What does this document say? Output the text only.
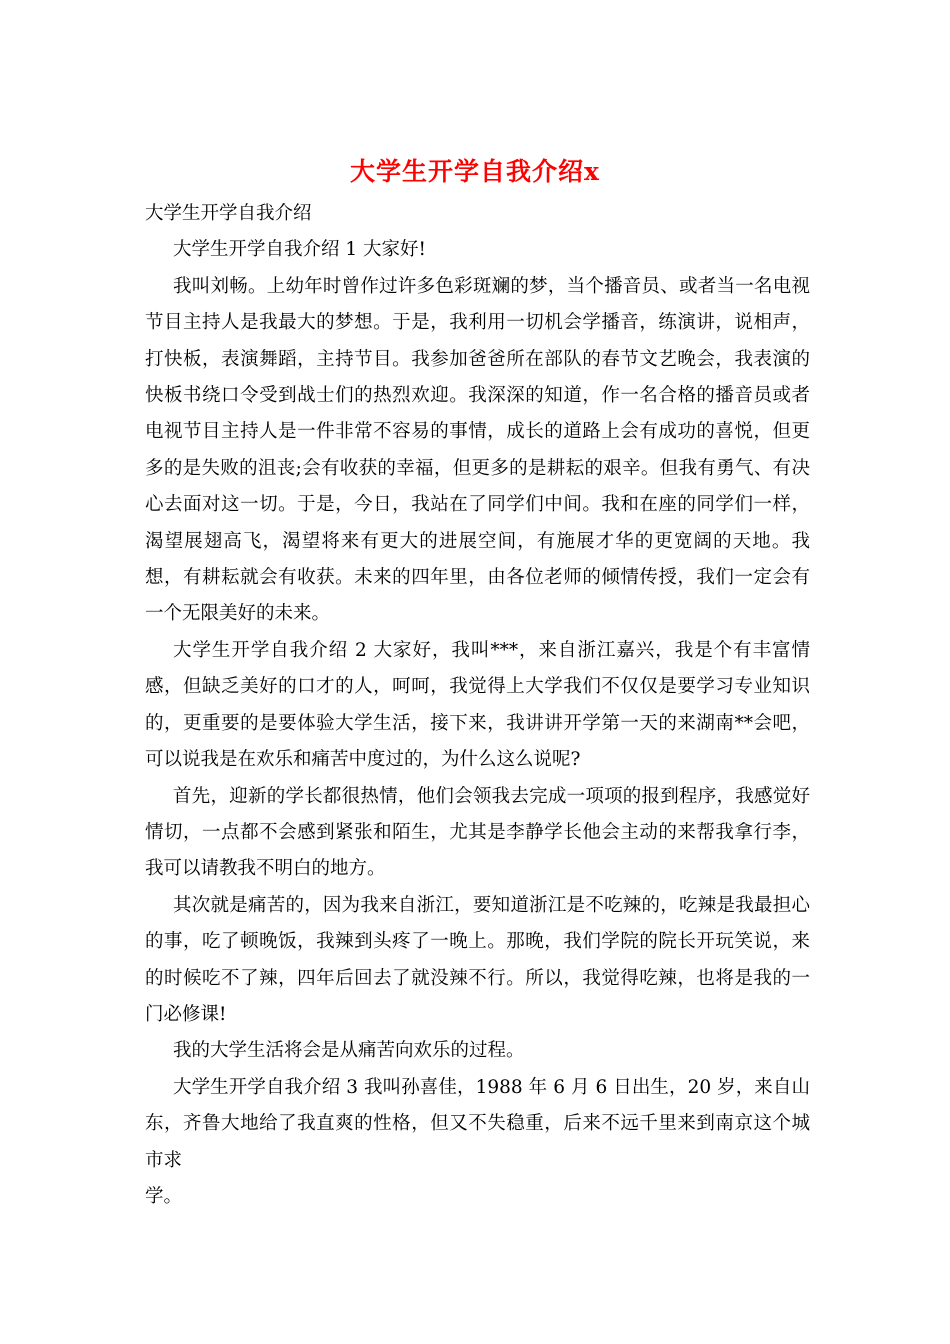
大学生开学自我介绍x

大学生开学自我介绍

大学生开学自我介绍 1 大家好!

我叫刘畅。上幼年时曾作过许多色彩斑斓的梦，当个播音员、或者当一名电视节目主持人是我最大的梦想。于是，我利用一切机会学播音，练演讲，说相声，打快板，表演舞蹈，主持节目。我参加爸爸所在部队的春节文艺晚会，我表演的快板书绕口令受到战士们的热烈欢迎。我深深的知道，作一名合格的播音员或者电视节目主持人是一件非常不容易的事情，成长的道路上会有成功的喜悦，但更多的是失败的沮丧;会有收获的幸福，但更多的是耕耘的艰辛。但我有勇气、有决心去面对这一切。于是，今日，我站在了同学们中间。我和在座的同学们一样，渴望展翅高飞，渴望将来有更大的进展空间，有施展才华的更宽阔的天地。我想，有耕耘就会有收获。未来的四年里，由各位老师的倾情传授，我们一定会有一个无限美好的未来。

大学生开学自我介绍 2 大家好，我叫***，来自浙江嘉兴，我是个有丰富情感，但缺乏美好的口才的人，呵呵，我觉得上大学我们不仅仅是要学习专业知识的，更重要的是要体验大学生活，接下来，我讲讲开学第一天的来湖南**会吧，可以说我是在欢乐和痛苦中度过的，为什么这么说呢?

首先，迎新的学长都很热情，他们会领我去完成一项项的报到程序，我感觉好情切，一点都不会感到紧张和陌生，尤其是李静学长他会主动的来帮我拿行李，我可以请教我不明白的地方。

其次就是痛苦的，因为我来自浙江，要知道浙江是不吃辣的，吃辣是我最担心的事，吃了顿晚饭，我辣到头疼了一晚上。那晚，我们学院的院长开玩笑说，来的时候吃不了辣，四年后回去了就没辣不行。所以，我觉得吃辣，也将是我的一门必修课!

我的大学生活将会是从痛苦向欢乐的过程。

大学生开学自我介绍 3 我叫孙喜佳，1988 年 6 月 6 日出生，20 岁，来自山东，齐鲁大地给了我直爽的性格，但又不失稳重，后来不远千里来到南京这个城市求

学。
